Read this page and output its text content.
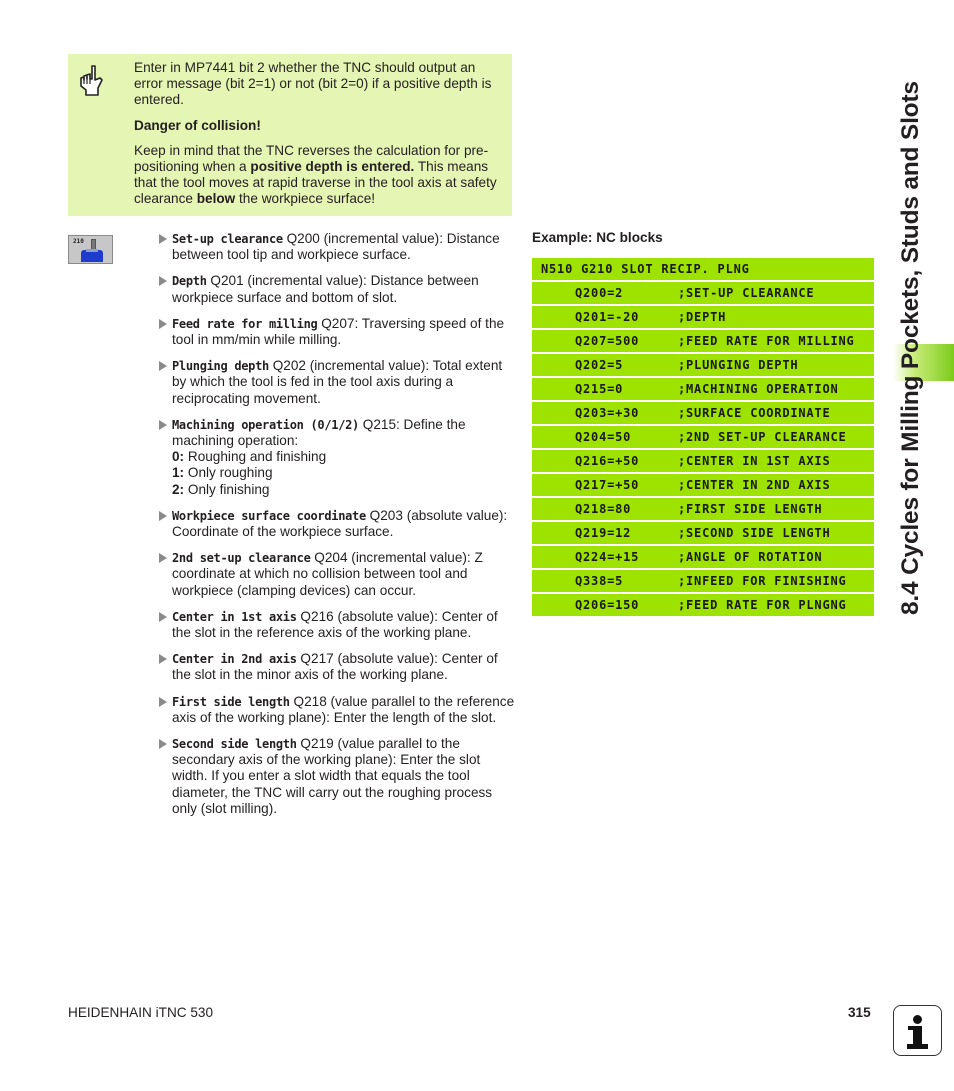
Enter in MP7441 bit 2 whether the TNC should output an error message (bit 2=1) or not (bit 2=0) if a positive depth is entered.

Danger of collision!

Keep in mind that the TNC reverses the calculation for pre-positioning when a positive depth is entered. This means that the tool moves at rapid traverse in the tool axis at safety clearance below the workpiece surface!

210	Set-up clearance Q200 (incremental value): Distance between tool tip and workpiece surface.
Depth Q201 (incremental value): Distance between workpiece surface and bottom of slot.
Feed rate for milling Q207: Traversing speed of the tool in mm/min while milling.
Plunging depth Q202 (incremental value): Total extent by which the tool is fed in the tool axis during a reciprocating movement.
Machining operation (0/1/2) Q215: Define the machining operation:
0: Roughing and finishing
1: Only roughing
2: Only finishing
Workpiece surface coordinate Q203 (absolute value): Coordinate of the workpiece surface.
2nd set-up clearance Q204 (incremental value): Z coordinate at which no collision between tool and workpiece (clamping devices) can occur.
Center in 1st axis Q216 (absolute value): Center of the slot in the reference axis of the working plane.
Center in 2nd axis Q217 (absolute value): Center of the slot in the minor axis of the working plane.
First side length Q218 (value parallel to the reference axis of the working plane): Enter the length of the slot.
Second side length Q219 (value parallel to the secondary axis of the working plane): Enter the slot width. If you enter a slot width that equals the tool diameter, the TNC will carry out the roughing process only (slot milling).
Example: NC blocks
N510 G210 SLOT RECIP. PLNG
Q200=2	;SET-UP CLEARANCE
Q201=-20	;DEPTH
Q207=500	;FEED RATE FOR MILLING
Q202=5	;PLUNGING DEPTH
Q215=0	;MACHINING OPERATION
Q203=+30	;SURFACE COORDINATE
Q204=50	;2ND SET-UP CLEARANCE
Q216=+50	;CENTER IN 1ST AXIS
Q217=+50	;CENTER IN 2ND AXIS
Q218=80	;FIRST SIDE LENGTH
Q219=12	;SECOND SIDE LENGTH
Q224=+15	;ANGLE OF ROTATION
Q338=5	;INFEED FOR FINISHING
Q206=150	;FEED RATE FOR PLNGNG 8.4 Cycles for Milling Pockets, Studs and Slots
HEIDENHAIN iTNC 530	315
